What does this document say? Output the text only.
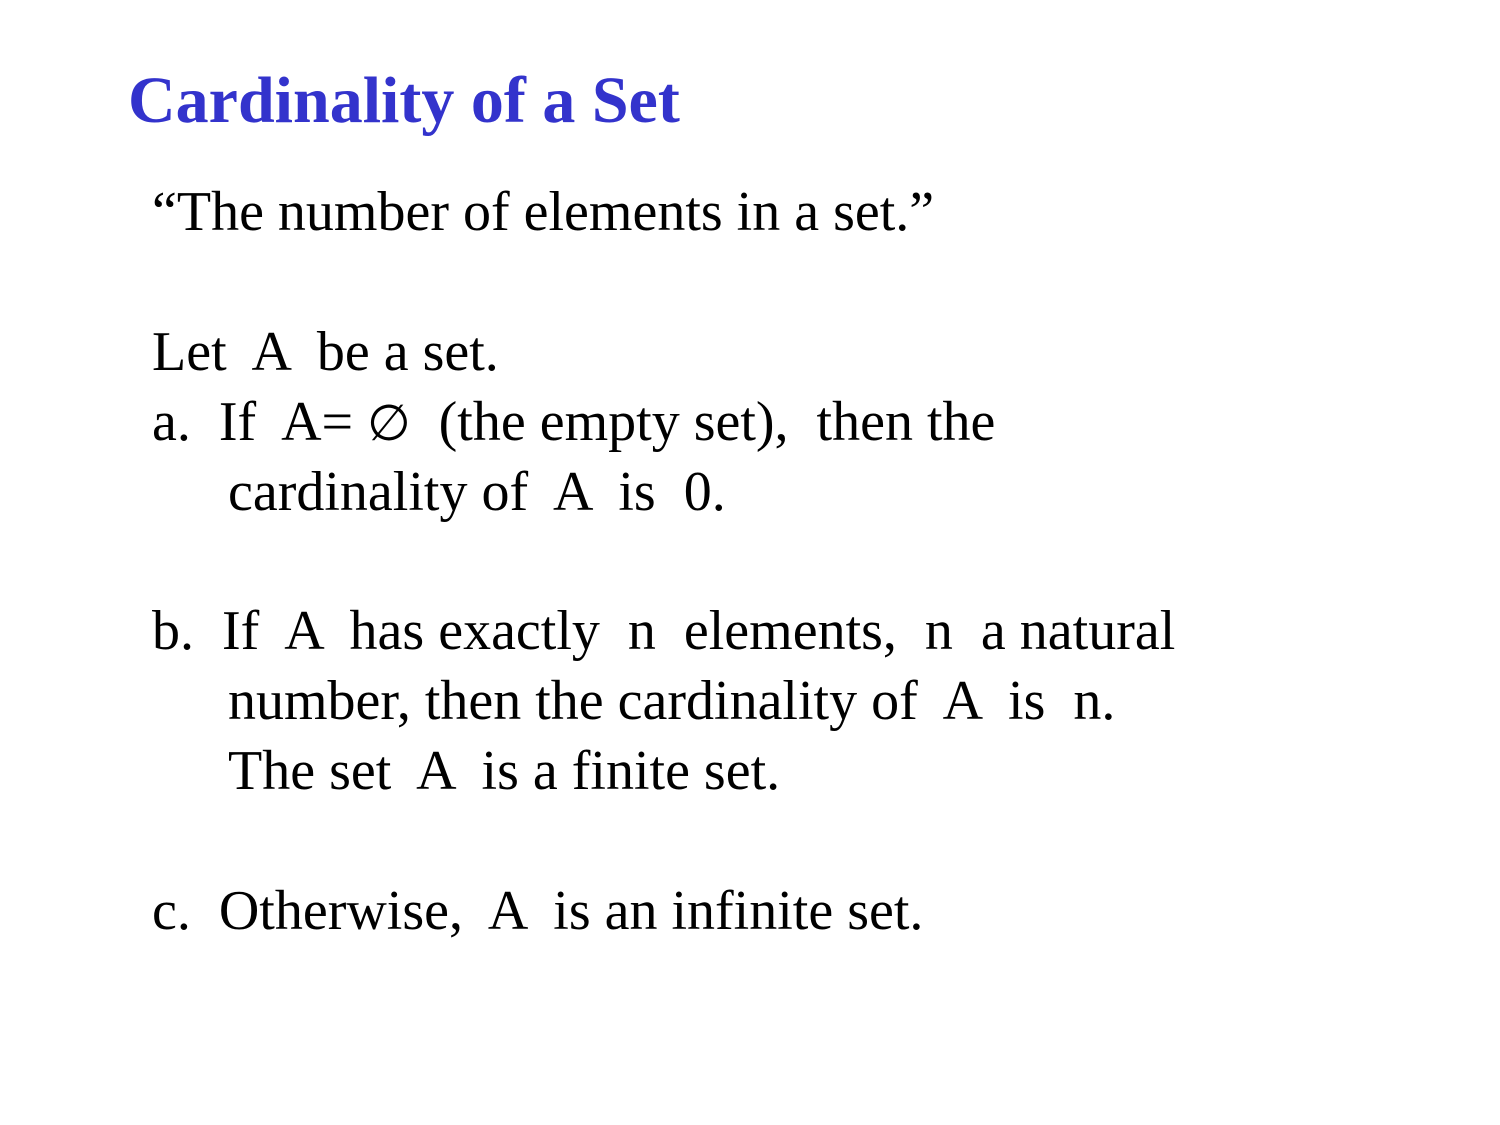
Cardinality of a Set

“The number of elements in a set.”

Let  A  be a set.

a.  If  A= ∅  (the empty set),  then the

cardinality of  A  is  0.

b.  If  A  has exactly  n  elements,  n  a natural

number, then the cardinality of  A  is  n.

The set  A  is a finite set.

c.  Otherwise,  A  is an infinite set.
